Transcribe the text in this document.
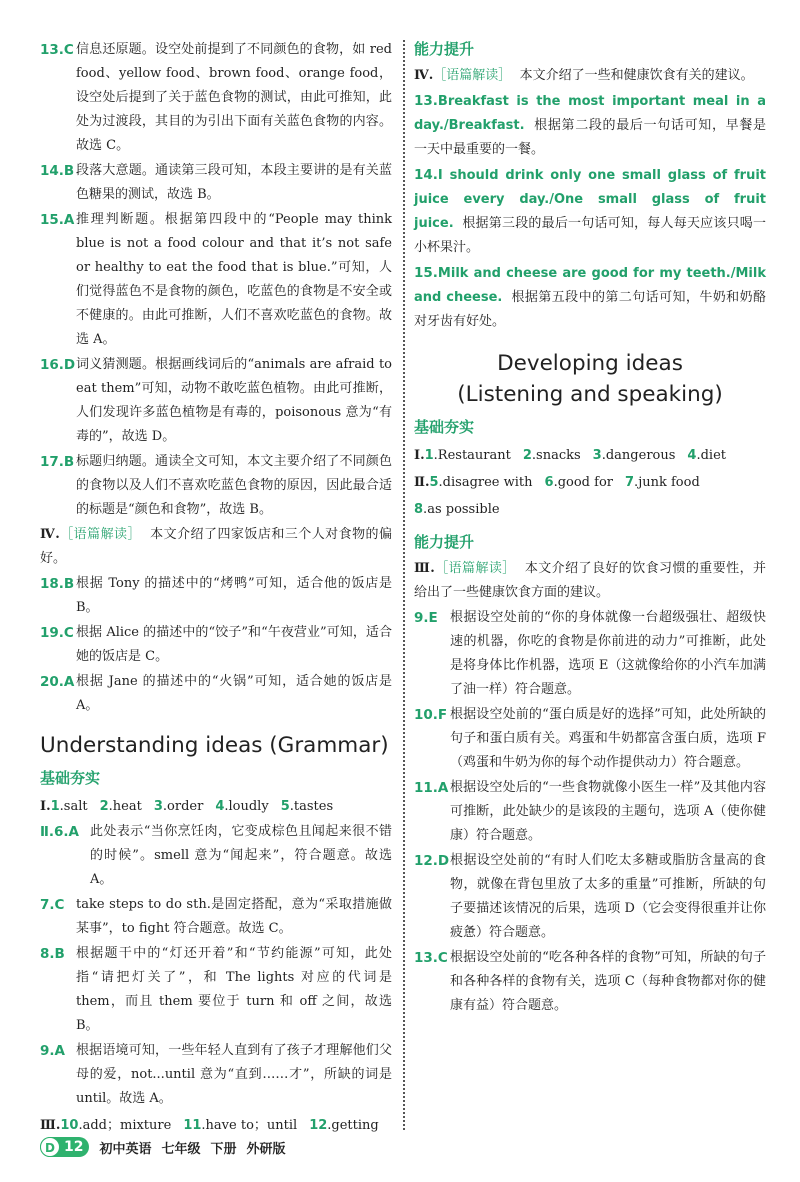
13.C 信息还原题。设空处前提到了不同颜色的食物，如 red food、yellow food、brown food、orange food，设空处后提到了关于蓝色食物的测试，由此可推知，此处为过渡段，其目的为引出下面有关蓝色食物的内容。故选 C。
14.B 段落大意题。通读第三段可知，本段主要讲的是有关蓝色糖果的测试，故选 B。
15.A 推理判断题。根据第四段中的“People may think blue is not a food colour and that it’s not safe or healthy to eat the food that is blue.”可知，人们觉得蓝色不是食物的颜色，吃蓝色的食物是不安全或不健康的。由此可推断，人们不喜欢吃蓝色的食物。故选 A。
16.D 词义猜测题。根据画线词后的“animals are afraid to eat them”可知，动物不敢吃蓝色植物。由此可推断，人们发现许多蓝色植物是有毒的，poisonous 意为“有毒的”，故选 D。
17.B 标题归纳题。通读全文可知，本文主要介绍了不同颜色的食物以及人们不喜欢吃蓝色食物的原因，因此最合适的标题是“颜色和食物”，故选 B。
Ⅳ.［语篇解读］ 本文介绍了四家饭店和三个人对食物的偏好。
18.B 根据 Tony 的描述中的“烤鸭”可知，适合他的饭店是 B。
19.C 根据 Alice 的描述中的“饺子”和“午夜营业”可知，适合她的饭店是 C。
20.A 根据 Jane 的描述中的“火锅”可知，适合她的饭店是 A。
Understanding ideas (Grammar)
基础夯实
Ⅰ.1.salt 2.heat 3.order 4.loudly 5.tastes
Ⅱ.6.A 此处表示“当你烹饪肉，它变成棕色且闻起来很不错的时候”。smell 意为“闻起来”，符合题意。故选 A。
7.C take steps to do sth.是固定搭配，意为“采取措施做某事”，to fight 符合题意。故选 C。
8.B 根据题干中的“灯还开着”和“节约能源”可知，此处指“请把灯关了”，和 The lights 对应的代词是 them，而且 them 要位于 turn 和 off 之间，故选 B。
9.A 根据语境可知，一些年轻人直到有了孩子才理解他们父母的爱，not...until 意为“直到……才”，所缺的词是 until。故选 A。
Ⅲ.10.add；mixture 11.have to；until 12.getting
能力提升
Ⅳ.［语篇解读］ 本文介绍了一些和健康饮食有关的建议。
13.Breakfast is the most important meal in a day./Breakfast. 根据第二段的最后一句话可知，早餐是一天中最重要的一餐。
14.I should drink only one small glass of fruit juice every day./One small glass of fruit juice. 根据第三段的最后一句话可知，每人每天应该只喝一小杯果汁。
15.Milk and cheese are good for my teeth./Milk and cheese. 根据第五段中的第二句话可知，牛奶和奶酪对牙齿有好处。
Developing ideas
(Listening and speaking)
基础夯实
Ⅰ.1.Restaurant 2.snacks 3.dangerous 4.diet
Ⅱ.5.disagree with 6.good for 7.junk food
8.as possible
能力提升
Ⅲ.［语篇解读］ 本文介绍了良好的饮食习惯的重要性，并给出了一些健康饮食方面的建议。
9.E 根据设空处前的“你的身体就像一台超级强壮、超级快速的机器，你吃的食物是你前进的动力”可推断，此处是将身体比作机器，选项 E（这就像给你的小汽车加满了油一样）符合题意。
10.F 根据设空处前的“蛋白质是好的选择”可知，此处所缺的句子和蛋白质有关。鸡蛋和牛奶都富含蛋白质，选项 F（鸡蛋和牛奶为你的每个动作提供动力）符合题意。
11.A 根据设空处后的“一些食物就像小医生一样”及其他内容可推断，此处缺少的是该段的主题句，选项 A（使你健康）符合题意。
12.D 根据设空处前的“有时人们吃太多糖或脂肪含量高的食物，就像在背包里放了太多的重量”可推断，所缺的句子要描述该情况的后果，选项 D（它会变得很重并让你疲惫）符合题意。
13.C 根据设空处前的“吃各种各样的食物”可知，所缺的句子和各种各样的食物有关，选项 C（每种食物都对你的健康有益）符合题意。
D 12 初中英语 七年级 下册 外研版
